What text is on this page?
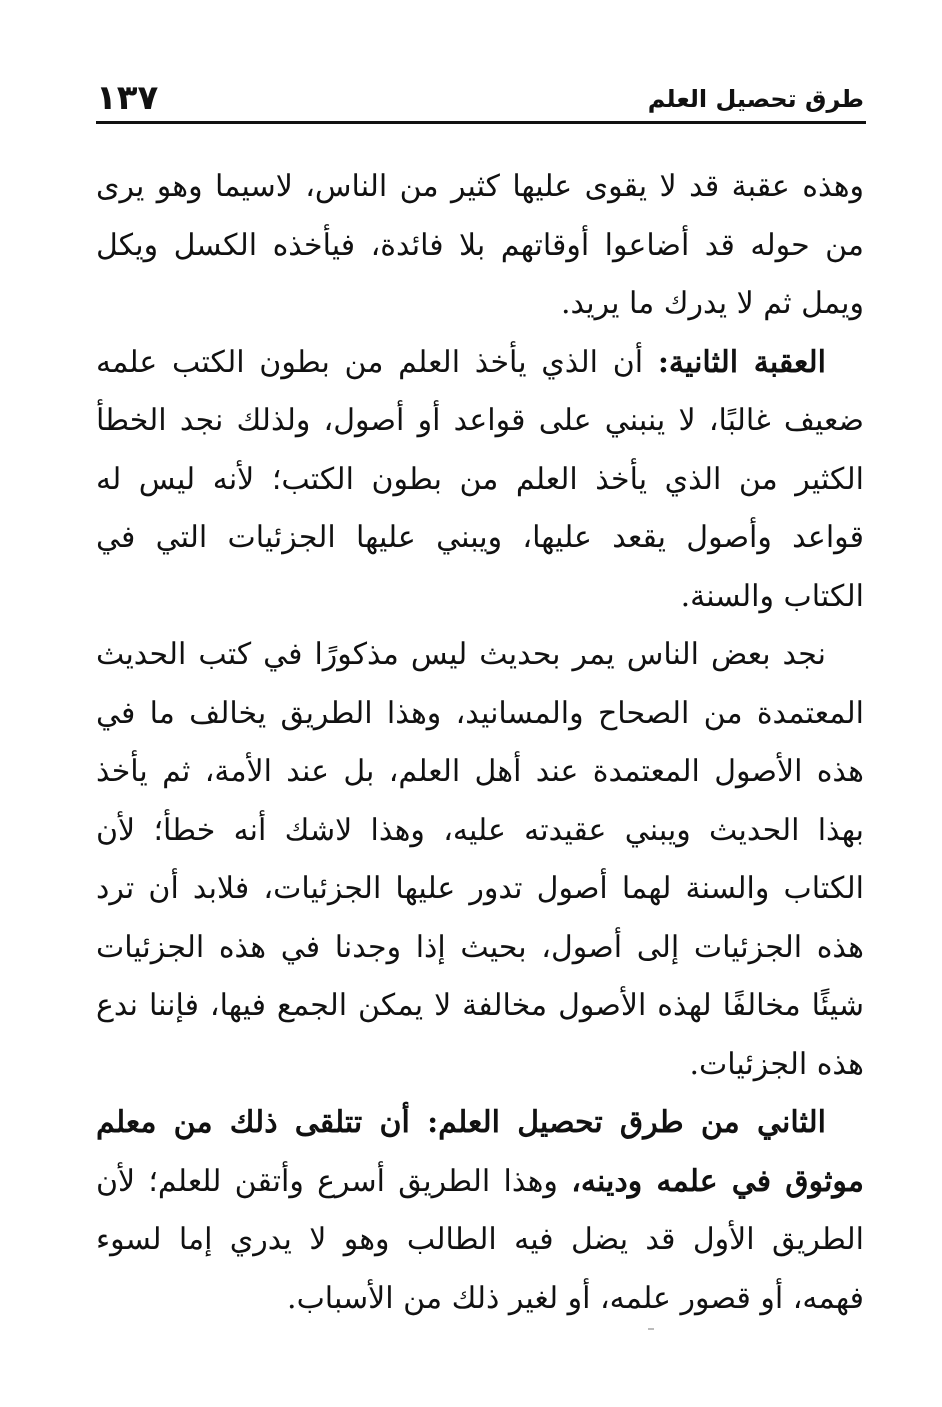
١٣٧	طرق تحصيل العلم

وهذه عقبة قد لا يقوى عليها كثير من الناس، لاسيما وهو يرى من حوله قد أضاعوا أوقاتهم بلا فائدة، فيأخذه الكسل ويكل ويمل ثم لا يدرك ما يريد.

العقبة الثانية: أن الذي يأخذ العلم من بطون الكتب علمه ضعيف غالبًا، لا ينبني على قواعد أو أصول، ولذلك نجد الخطأ الكثير من الذي يأخذ العلم من بطون الكتب؛ لأنه ليس له قواعد وأصول يقعد عليها، ويبني عليها الجزئيات التي في الكتاب والسنة.

نجد بعض الناس يمر بحديث ليس مذكورًا في كتب الحديث المعتمدة من الصحاح والمسانيد، وهذا الطريق يخالف ما في هذه الأصول المعتمدة عند أهل العلم، بل عند الأمة، ثم يأخذ بهذا الحديث ويبني عقيدته عليه، وهذا لاشك أنه خطأ؛ لأن الكتاب والسنة لهما أصول تدور عليها الجزئيات، فلابد أن ترد هذه الجزئيات إلى أصول، بحيث إذا وجدنا في هذه الجزئيات شيئًا مخالفًا لهذه الأصول مخالفة لا يمكن الجمع فيها، فإننا ندع هذه الجزئيات.

الثاني من طرق تحصيل العلم: أن تتلقى ذلك من معلم موثوق في علمه ودينه، وهذا الطريق أسرع وأتقن للعلم؛ لأن الطريق الأول قد يضل فيه الطالب وهو لا يدري إما لسوء فهمه، أو قصور علمه، أو لغير ذلك من الأسباب.
